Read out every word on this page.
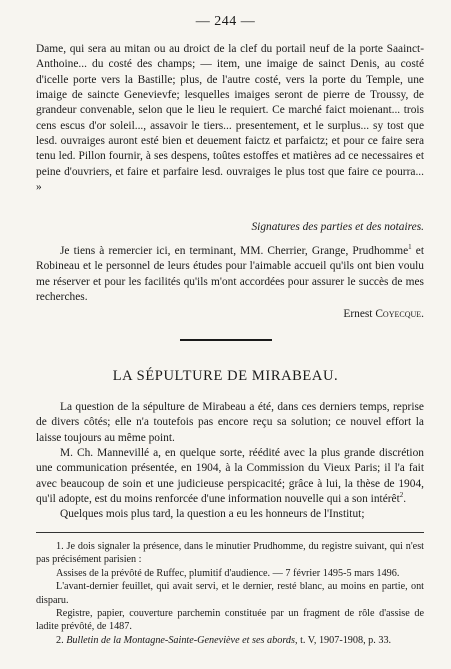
— 244 —

Dame, qui sera au mitan ou au droict de la clef du portail neuf de la porte Saainct-Anthoine... du costé des champs; — item, une imaige de sainct Denis, au costé d'icelle porte vers la Bastille; plus, de l'autre costé, vers la porte du Temple, une imaige de saincte Genevievfe; lesquelles imaiges seront de pierre de Troussy, de grandeur convenable, selon que le lieu le requiert. Ce marché faict moienant... trois cens escus d'or soleil..., assavoir le tiers... presentement, et le surplus... sy tost que lesd. ouvraiges auront esté bien et deuement faictz et parfaictz; et pour ce faire sera tenu led. Pillon fournir, à ses despens, toûtes estoffes et matières ad ce necessaires et peine d'ouvriers, et faire et parfaire lesd. ouvraiges le plus tost que faire ce pourra... »

Signatures des parties et des notaires.

Je tiens à remercier ici, en terminant, MM. Cherrier, Grange, Prudhomme$^1$ et Robineau et le personnel de leurs études pour l'aimable accueil qu'ils ont bien voulu me réserver et pour les facilités qu'ils m'ont accordées pour assurer le succès de mes recherches.

Ernest Coyecque.
LA SÉPULTURE DE MIRABEAU.

La question de la sépulture de Mirabeau a été, dans ces derniers temps, reprise de divers côtés; elle n'a toutefois pas encore reçu sa solution; ce nouvel effort la laisse toujours au même point.

M. Ch. Mannevillé a, en quelque sorte, réédité avec la plus grande discrétion une communication présentée, en 1904, à la Commission du Vieux Paris; il l'a fait avec beaucoup de soin et une judicieuse perspicacité; grâce à lui, la thèse de 1904, qu'il adopte, est du moins renforcée d'une information nouvelle qui a son intérêt$^2$.

Quelques mois plus tard, la question a eu les honneurs de l'Institut;

1. Je dois signaler la présence, dans le minutier Prudhomme, du registre suivant, qui n'est pas précisément parisien :

Assises de la prévôté de Ruffec, plumitif d'audience. — 7 février 1495-5 mars 1496.

L'avant-dernier feuillet, qui avait servi, et le dernier, resté blanc, au moins en partie, ont disparu.

Registre, papier, couverture parchemin constituée par un fragment de rôle d'assise de ladite prévôté, de 1487.

2. Bulletin de la Montagne-Sainte-Geneviève et ses abords, t. V, 1907-1908, p. 33.
